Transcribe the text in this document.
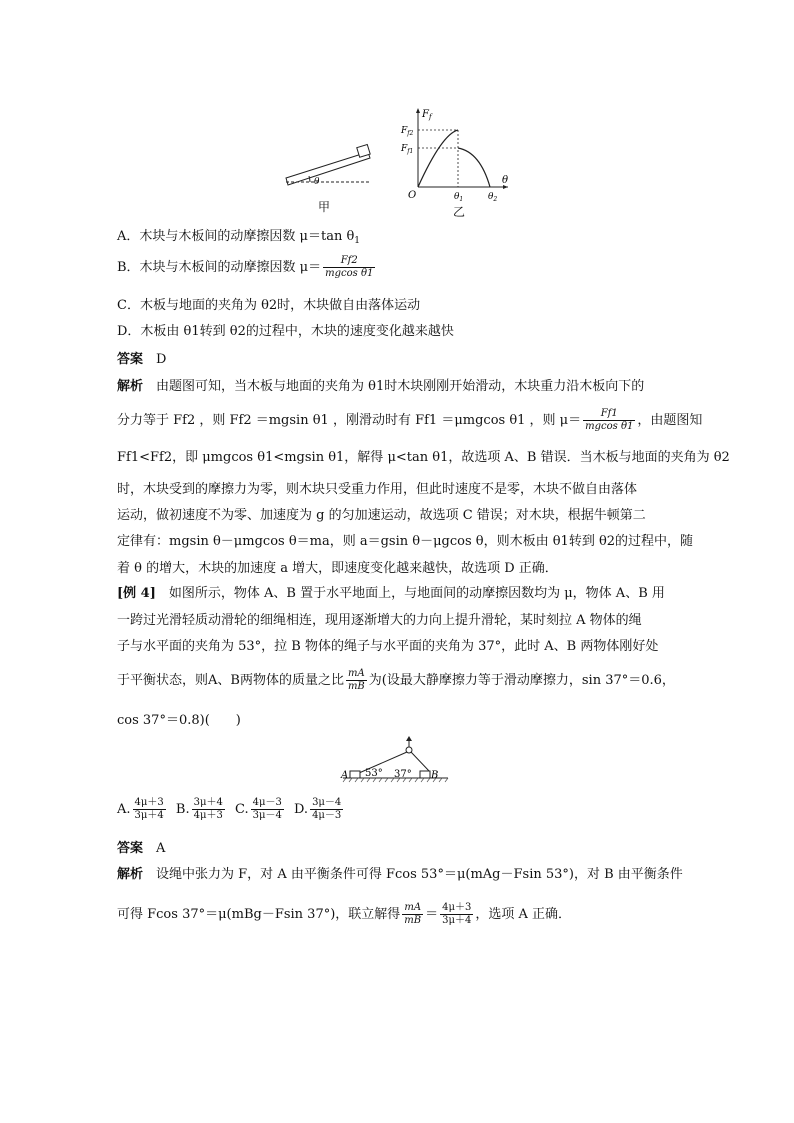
θ
甲
$F_f$
$F_{f2}$
$F_{f1}$
θ
O	$\theta_1$	$\theta_2$
乙
A．木块与木板间的动摩擦因数 μ＝tan $\theta_1$
B．木块与木板间的动摩擦因数 $\mu= \frac{Ff2}{\text{mgcos θ1}}$
C．木板与地面的夹角为 θ2时，木块做自由落体运动
D．木板由 θ1转到 θ2的过程中，木块的速度变化越来越快
答案　 D
解析　 由题图可知，当木板与地面的夹角为 θ1时木块刚刚开始滑动，木块重力沿木板向下的
分力等于 Ff2 ，则 Ff2 ＝mgsin θ1 ，刚滑动时有 Ff1 ＝μmgcos θ1 ，则 $\mu= \frac{Ff1}{\text{mgcos θ1}}$ ，由题图知
Ff1<Ff2，即 μmgcos θ1<mgsin θ1，解得 μ<tan θ1，故选项 A、B 错误．当木板与地面的夹角为 θ2
时，木块受到的摩擦力为零，则木块只受重力作用，但此时速度不是零，木块不做自由落体
运动，做初速度不为零、加速度为 g 的匀加速运动，故选项 C 错误；对木块，根据牛顿第二
定律有：mgsin θ－μmgcos θ＝ma，则 a＝gsin θ－μgcos θ，则木板由 θ1转到 θ2的过程中，随
着 θ 的增大，木块的加速度 a 增大，即速度变化越来越快，故选项 D 正确．
[例 4]　 如图所示，物体 A、B 置于水平地面上，与地面间的动摩擦因数均为 μ，物体 A、B 用
一跨过光滑轻质动滑轮的细绳相连，现用逐渐增大的力向上提升滑轮，某时刻拉 A 物体的绳
子与水平面的夹角为 53°，拉 B 物体的绳子与水平面的夹角为 37°，此时 A、B 两物体刚好处
于平衡状态，则A、B两物体的质量之比 $\frac{mA}{mB}$ 为(设最大静摩擦力等于滑动摩擦力，sin 37°＝0.6，
cos 37°＝0.8)(　　)
A	B
53° 37°
A. $\frac{4\mu+3}{3\mu+4} B$. $\frac{3\mu+4}{4\mu+3} C$. $\frac{4\mu-3}{3\mu-4} D$. $\frac{3\mu-4}{4\mu-3}$
答案　 A
解析　 设绳中张力为 F，对 A 由平衡条件可得 Fcos 53°＝μ(mAg－Fsin 53°)，对 B 由平衡条件
可得 Fcos 37°＝μ(mBg－Fsin 37°)，联立解得 $\frac{mA}{mB} = \frac{4\mu+3}{3\mu+4}$ ，选项 A 正确．
